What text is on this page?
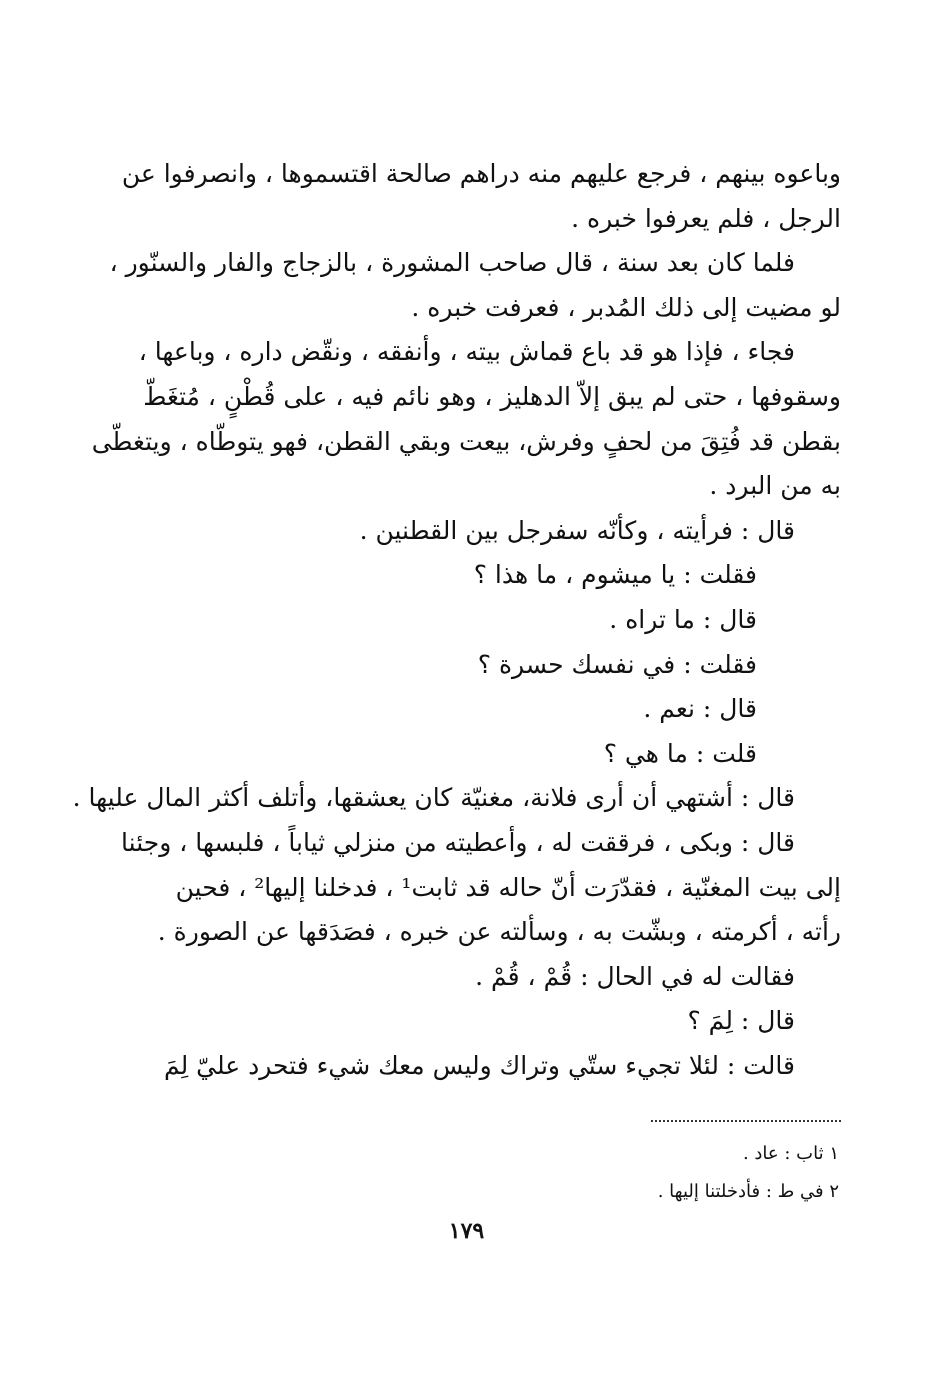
وباعوه بينهم ، فرجع عليهم منه دراهم صالحة اقتسموها ، وانصرفوا عن
الرجل ، فلم يعرفوا خبره .

فلما كان بعد سنة ، قال صاحب المشورة ، بالزجاج والفار والسنّور ،
لو مضيت إلى ذلك المُدبر ، فعرفت خبره .

فجاء ، فإذا هو قد باع قماش بيته ، وأنفقه ، ونقّض داره ، وباعها ،
وسقوفها ، حتى لم يبق إلاّ الدهليز ، وهو نائم فيه ، على قُطْنٍ ، مُتغَطّ
بقطن قد فُتِقَ من لحفٍ وفرش، بيعت وبقي القطن، فهو يتوطّاه ، ويتغطّى
به من البرد .

قال : فرأيته ، وكأنّه سفرجل بين القطنين .

فقلت : يا ميشوم ، ما هذا ؟

قال : ما تراه .

فقلت : في نفسك حسرة ؟

قال : نعم .

قلت : ما هي ؟

قال : أشتهي أن أرى فلانة، مغنيّة كان يعشقها، وأتلف أكثر المال عليها .

قال : وبكى ، فرققت له ، وأعطيته من منزلي ثياباً ، فلبسها ، وجئنا
إلى بيت المغنّية ، فقدّرَت أنّ حاله قد ثابت¹ ، فدخلنا إليها² ، فحين
رأته ، أكرمته ، وبشّت به ، وسألته عن خبره ، فصَدَقها عن الصورة .

فقالت له في الحال : قُمْ ، قُمْ .

قال : لِمَ ؟

قالت : لئلا تجيء ستّي وتراك وليس معك شيء فتحرد عليّ لِمَ

١ ثاب : عاد .
٢ في ط : فأدخلتنا إليها .
١٧٩
